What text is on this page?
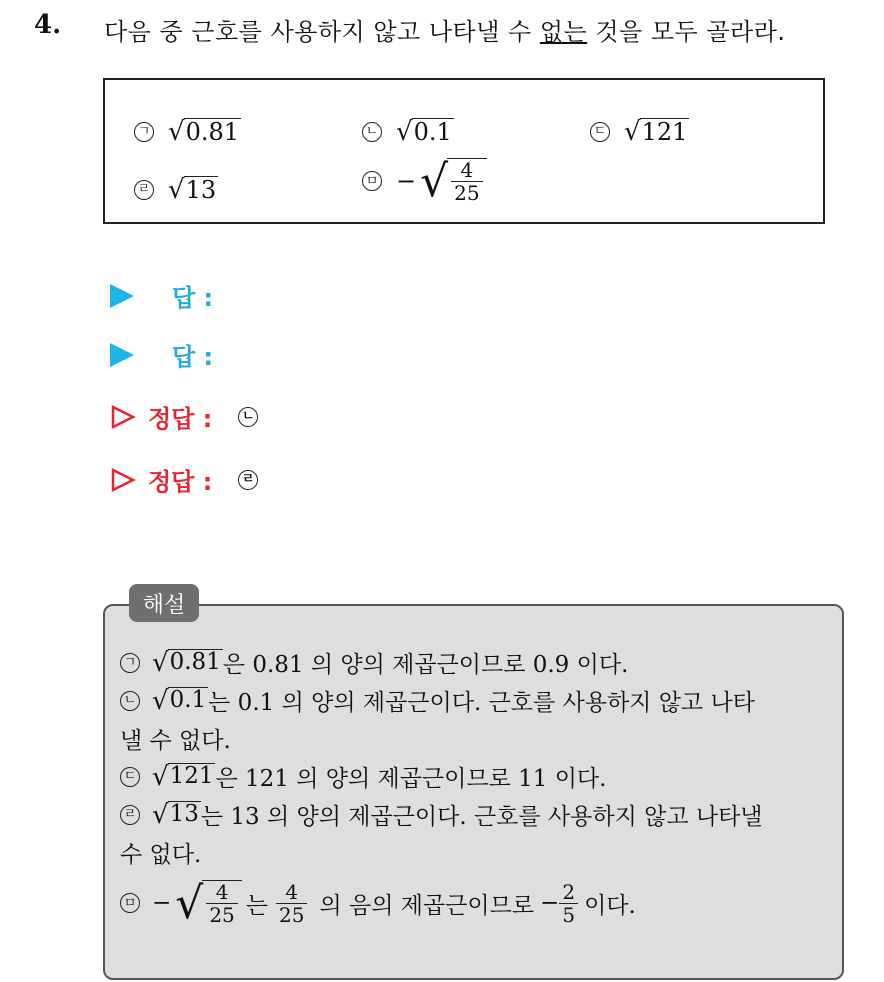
4. 다음 중 근호를 사용하지 않고 나타낼 수 없는 것을 모두 골라라.
ㄱ √ 0.81	ㄴ √ 0.1	ㄷ √ 121
ㄹ √ 13	ㅁ − √ $\frac{4}{25}$
답 :
답 :
정답 : ㄴ
정답 : ㄹ
해설
ㄱ √ 0.81 은 0.81 의 양의 제곱근이므로 0.9 이다.
ㄴ √ 0.1 는 0.1 의 양의 제곱근이다. 근호를 사용하지 않고 나타
낼 수 없다.
ㄷ √ 121 은 121 의 양의 제곱근이므로 11 이다.
ㄹ √ 13 는 13 의 양의 제곱근이다. 근호를 사용하지 않고 나타낼
수 없다.
ㅁ − √ $\frac{4}{25}$ 는 $\frac{4}{25}$ 의 음의 제곱근이므로 − $\frac{2}{5}$ 이다.
